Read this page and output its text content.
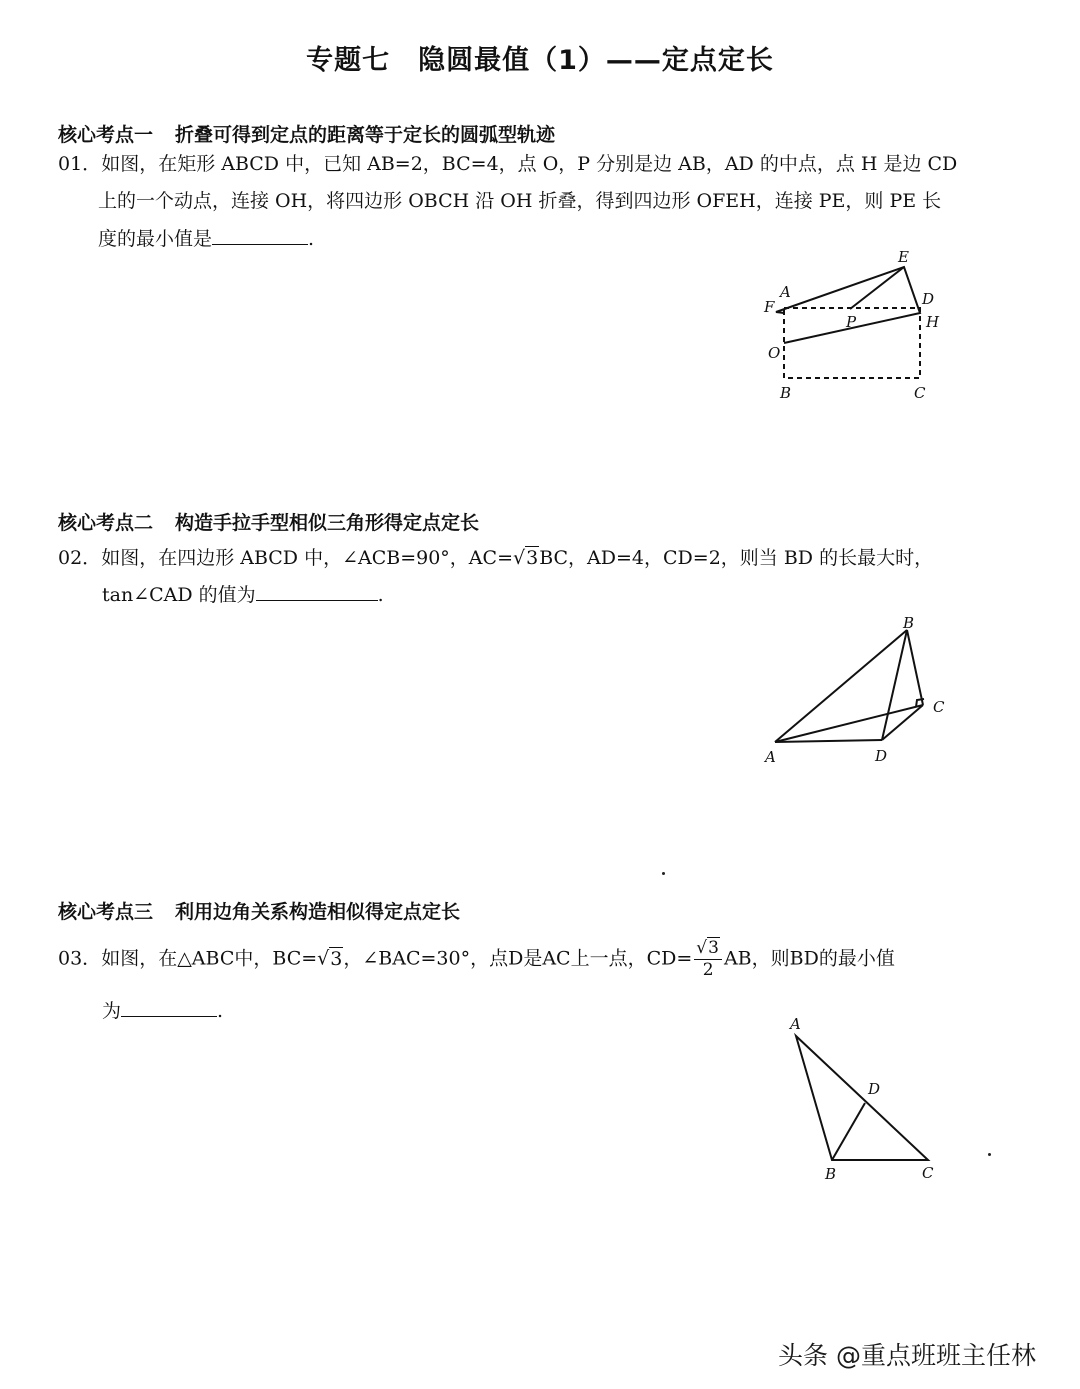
专题七　隐圆最值（1）——定点定长
核心考点一 折叠可得到定点的距离等于定长的圆弧型轨迹
01．如图，在矩形 ABCD 中，已知 AB=2，BC=4，点 O，P 分别是边 AB，AD 的中点，点 H 是边 CD
上的一个动点，连接 OH，将四边形 OBCH 沿 OH 折叠，得到四边形 OFEH，连接 PE，则 PE 长
度的最小值是	.
A
F
E
D
H
P
O
B	C
核心考点二 构造手拉手型相似三角形得定点定长
02．如图，在四边形 ABCD 中，∠ACB=90°，AC=√3BC，AD=4，CD=2，则当 BD 的长最大时，
tan∠CAD 的值为	.
B
C
A	D
核心考点三 利用边角关系构造相似得定点定长
03．如图，在△ABC中，BC=√3，∠BAC=30°，点D是AC上一点，$CD= \frac{√3}{2}$ AB，则BD的最小值
为	.
A
D
B	C
头条 @重点班班主任林
